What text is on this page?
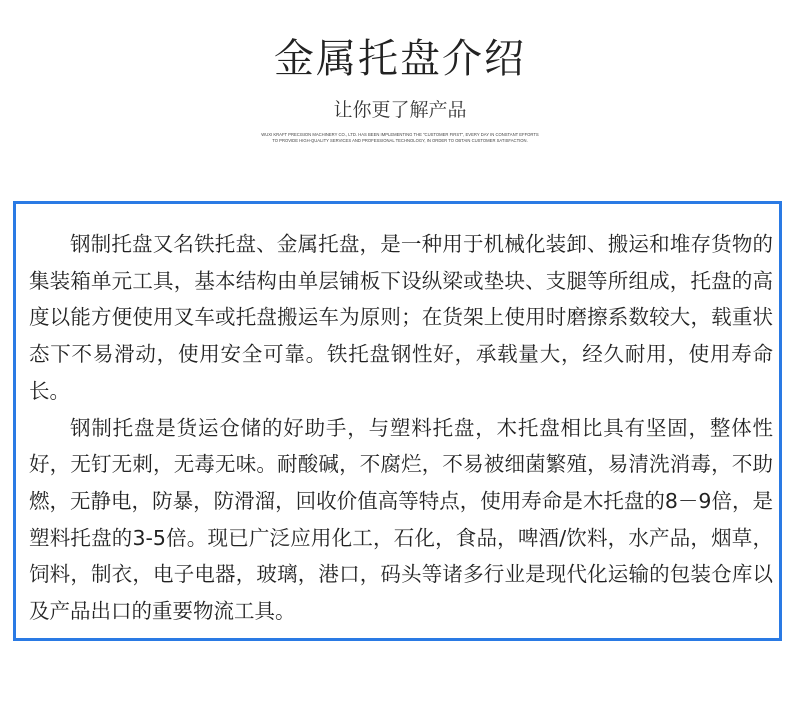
金属托盘介绍
让你更了解产品
WUXI KRAFT PRECISION MACHINERY CO., LTD. HAS BEEN IMPLEMENTING THE "CUSTOMER FIRST", EVERY DAY IN CONSTANT EFFORTS TO PROVIDE HIGH-QUALITY SERVICES AND PROFESSIONAL TECHNOLOGY, IN ORDER TO OBTAIN CUSTOMER SATISFACTION.

钢制托盘又名铁托盘、金属托盘，是一种用于机械化装卸、搬运和堆存货物的集装箱单元工具，基本结构由单层铺板下设纵梁或垫块、支腿等所组成，托盘的高度以能方便使用叉车或托盘搬运车为原则；在货架上使用时磨擦系数较大，载重状态下不易滑动，使用安全可靠。铁托盘钢性好，承载量大，经久耐用，使用寿命长。

钢制托盘是货运仓储的好助手，与塑料托盘，木托盘相比具有坚固，整体性好，无钉无刺，无毒无味。耐酸碱，不腐烂，不易被细菌繁殖，易清洗消毒，不助燃，无静电，防暴，防滑溜，回收价值高等特点，使用寿命是木托盘的8－9倍，是塑料托盘的3-5倍。现已广泛应用化工，石化，食品，啤酒/饮料，水产品，烟草，饲料，制衣，电子电器，玻璃，港口，码头等诸多行业是现代化运输的包装仓库以及产品出口的重要物流工具。
